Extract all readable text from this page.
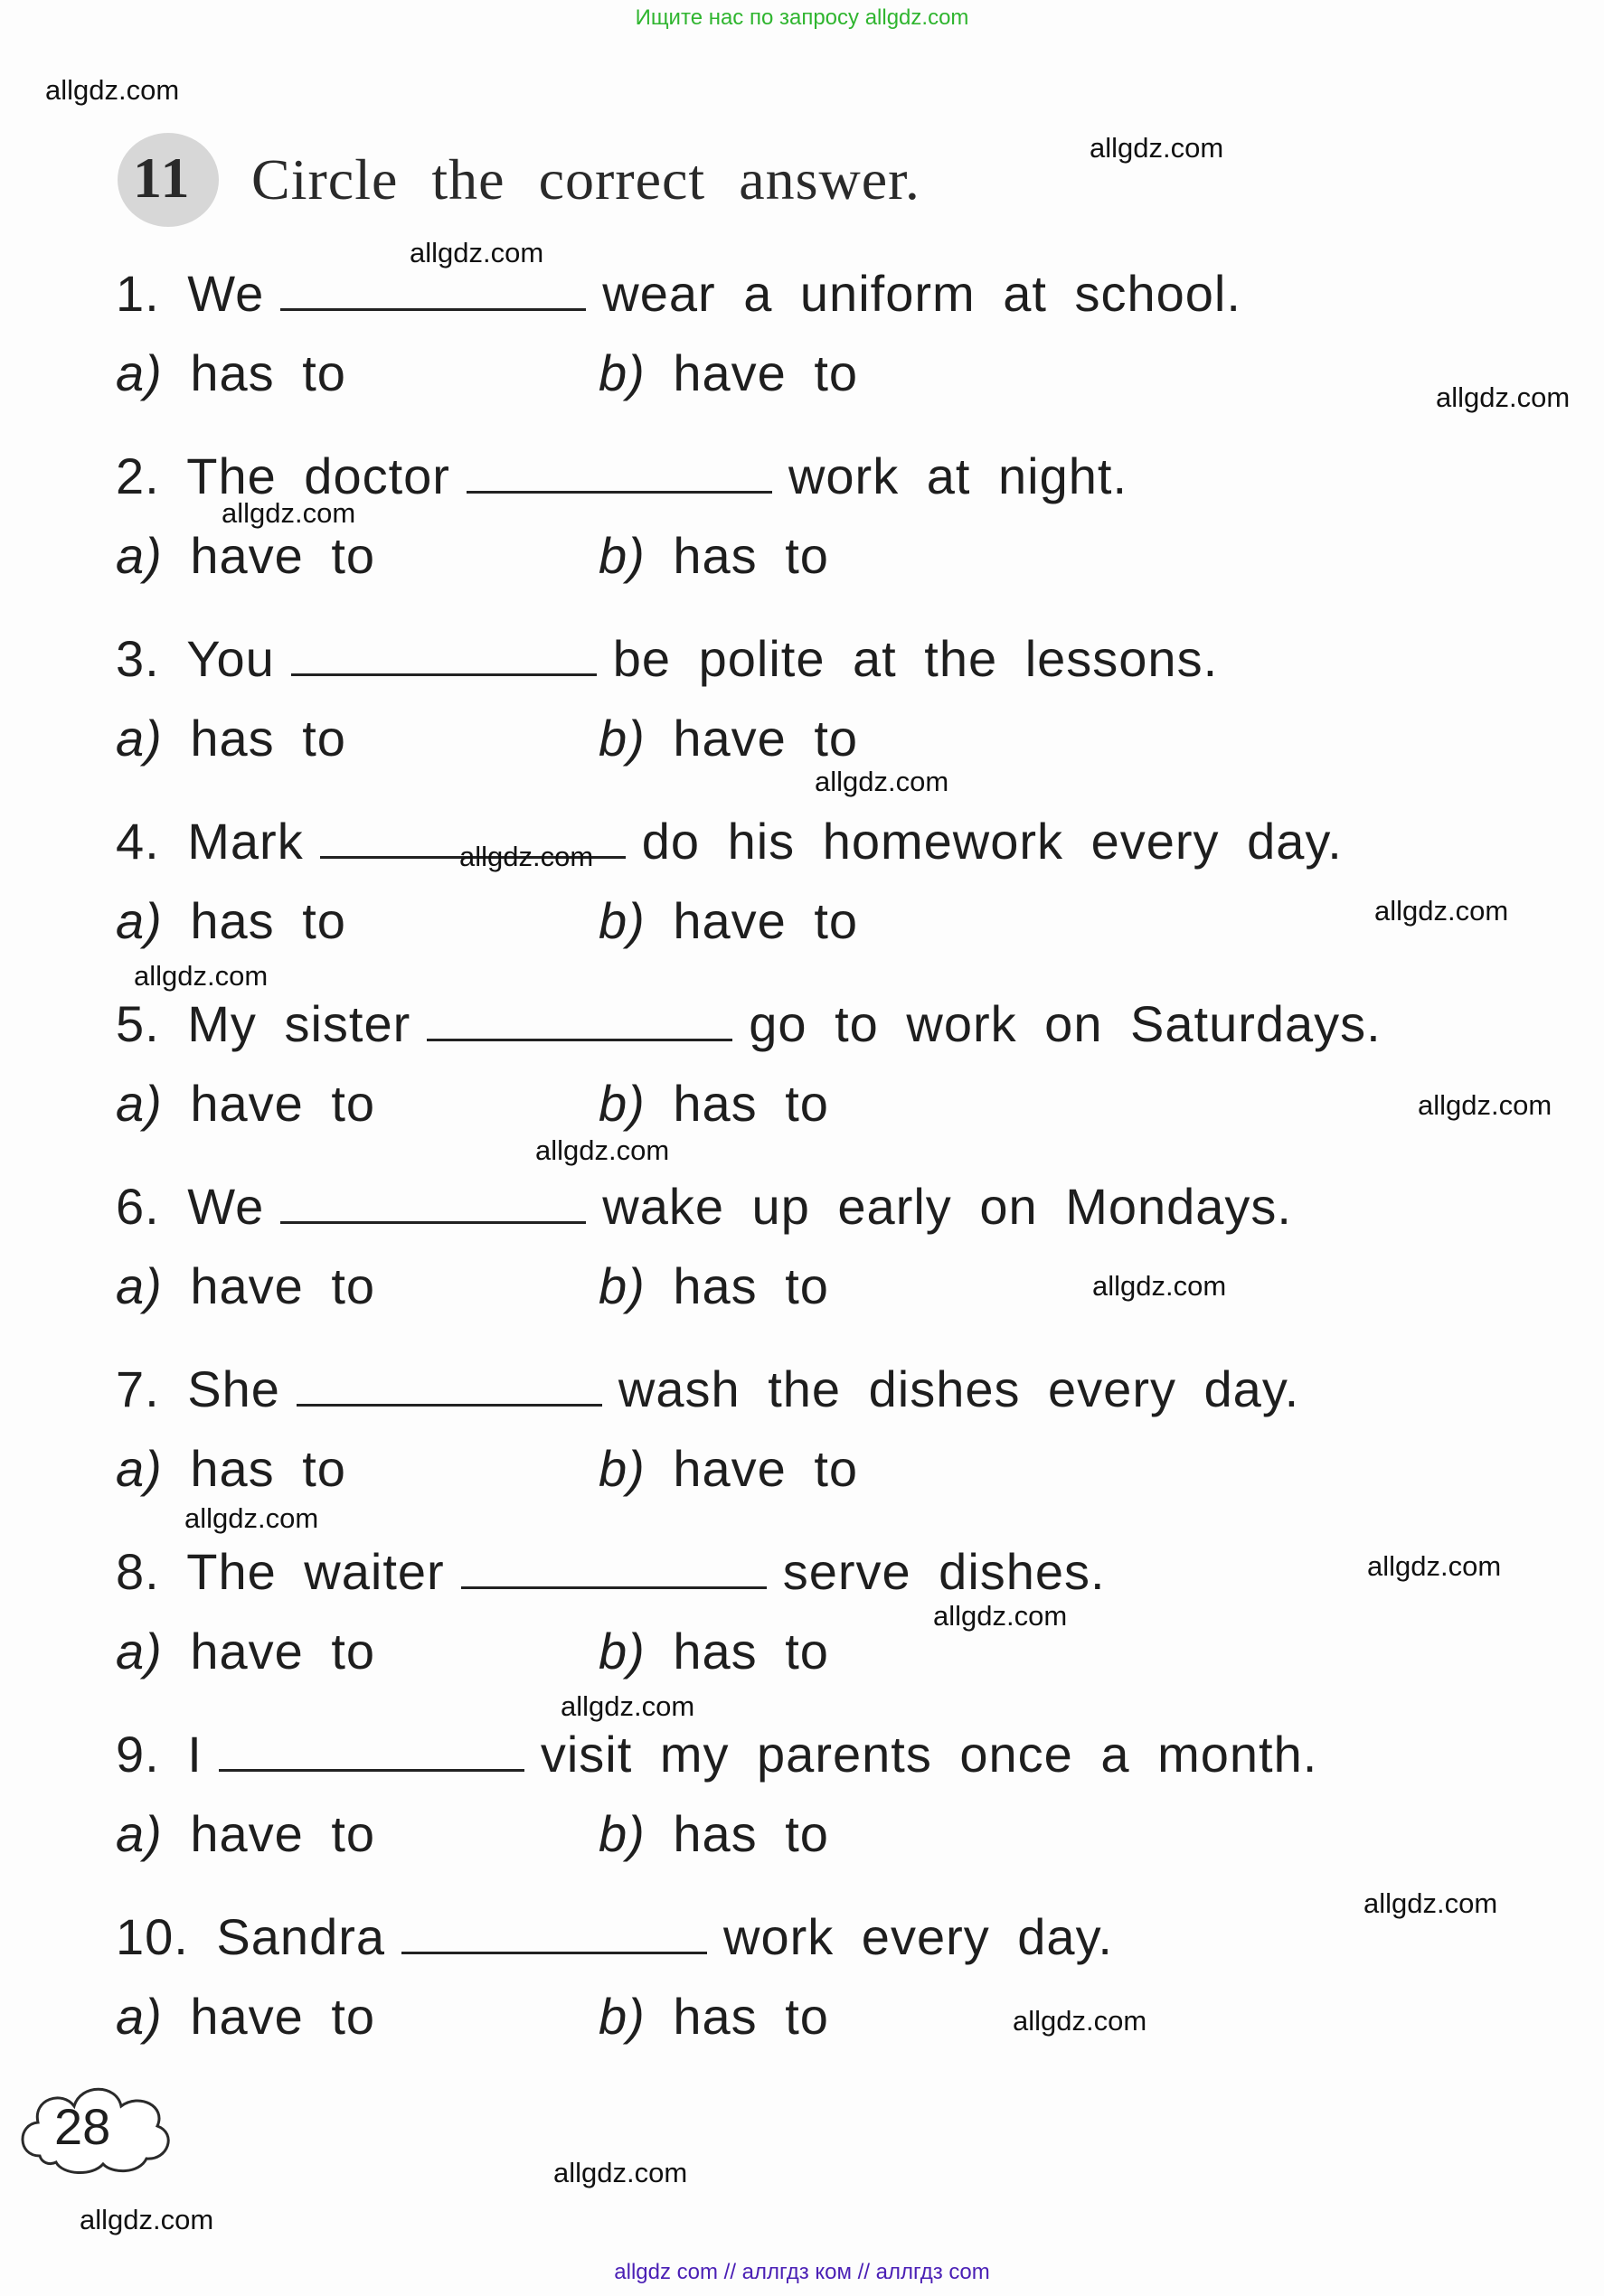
Ищите нас по запросу allgdz.com
11 Circle the correct answer.
1. We	wear a uniform at school.
a) has to	b) have to
2. The doctor	work at night.
a) have to	b) has to
3. You	be polite at the lessons.
a) has to	b) have to
4. Mark	do his homework every day.
a) has to	b) have to
5. My sister	go to work on Saturdays.
a) have to	b) has to
6. We	wake up early on Mondays.
a) have to	b) has to
7. She	wash the dishes every day.
a) has to	b) have to
8. The waiter	serve dishes.
a) have to	b) has to
9. I	visit my parents once a month.
a) have to	b) has to
10. Sandra	work every day.
a) have to	b) has to
28
allgdz.com
allgdz.com
allgdz.com
allgdz.com
allgdz.com
allgdz.com
allgdz.com
allgdz.com
allgdz.com
allgdz.com
allgdz.com
allgdz.com
allgdz.com
allgdz.com
allgdz.com
allgdz.com
allgdz.com
allgdz.com
allgdz.com
allgdz.com
allgdz com // аллгдз ком // аллгдз com
